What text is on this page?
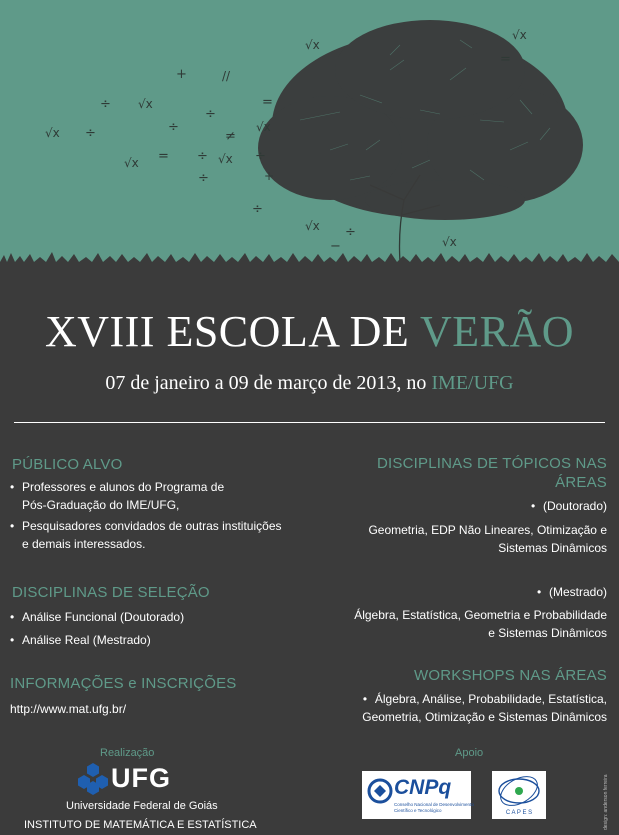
+	//
÷ √x
÷
=
√x ÷	÷	√x
≠
√x = ÷ √x ÷
÷
÷
√x
−
÷
√x
√x
√x
=
+
XVIII ESCOLA DE VERÃO
07 de janeiro a 09 de março de 2013, no IME/UFG
PÚBLICO ALVO
• Professores e alunos do Programa de
Pós-Graduação do IME/UFG,
• Pesquisadores convidados de outras instituições
e demais interessados.
DISCIPLINAS DE SELEÇÃO
• Análise Funcional (Doutorado)
• Análise Real (Mestrado)
INFORMAÇÕES e INSCRIÇÕES
http://www.mat.ufg.br/
DISCIPLINAS DE TÓPICOS NAS
ÁREAS
• (Doutorado)
Geometria, EDP Não Lineares, Otimização e
Sistemas Dinâmicos
• (Mestrado)
Álgebra, Estatística, Geometria e Probabilidade
e Sistemas Dinâmicos
WORKSHOPS NAS ÁREAS
• Álgebra, Análise, Probabilidade, Estatística,
Geometria, Otimização e Sistemas Dinâmicos
Realização
UFG
Universidade Federal de Goiás
INSTITUTO DE MATEMÁTICA E ESTATÍSTICA
Apoio
CNPq
Conselho Nacional de Desenvolvimento
Científico e Tecnológico	C A P E S	design: anderson ferreira
